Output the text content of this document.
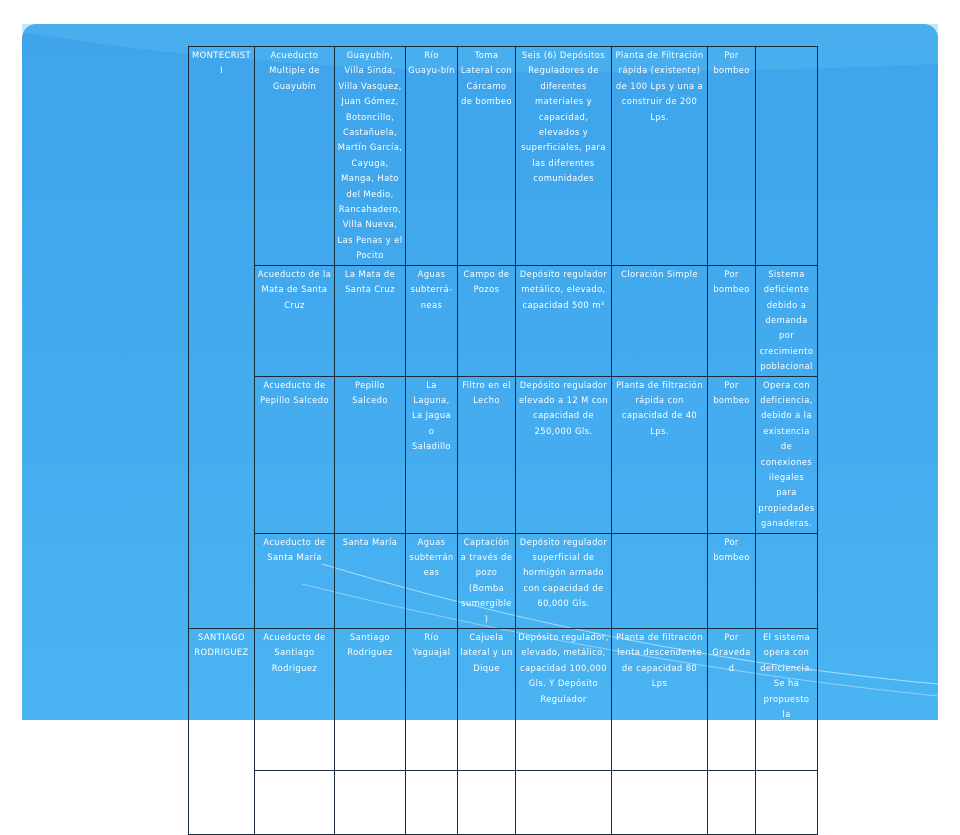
MONTECRISTI	Acueducto Multiple de Guayubín	Guayubín, Villa Sinda, Villa Vasquez, Juan Gómez, Botoncillo, Castañuela, Martín García, Cayuga, Manga, Hato del Medio, Rancahadero, Villa Nueva, Las Penas y el Pocito	Río Guayu-bín	Toma Lateral con Cárcamo de bombeo	Seis (6) Depósitos Reguladores de diferentes materiales y capacidad, elevados y superficiales, para las diferentes comunidades	Planta de Filtración rápida (existente) de 100 Lps y una a construir de 200 Lps.	Por bombeo	
	Acueducto de la Mata de Santa Cruz	La Mata de Santa Cruz	Aguas subterrá-neas	Campo de Pozos	Depósito regulador metálico, elevado, capacidad 500 m³	Cloración Simple	Por bombeo	Sistema deficiente debido a demanda por crecimiento poblacional
	Acueducto de Pepillo Salcedo	Pepillo Salcedo	La Laguna, La Jagua o Saladillo	Filtro en el Lecho	Depósito regulador elevado a 12 M con capacidad de 250,000 Gls.	Planta de filtración rápida con capacidad de 40 Lps.	Por bombeo	Opera con deficiencia, debido a la existencia de conexiones ilegales para propiedades ganaderas.
	Acueducto de Santa María	Santa María	Aguas subterrán eas	Captación a través de pozo (Bomba sumergible)	Depósito regulador superficial de hormigón armado con capacidad de 60,000 Gls.		Por bombeo	
SANTIAGO RODRIGUEZ	Acueducto de Santiago Rodriguez	Santiago Rodriguez	Río Yaguajal	Cajuela lateral y un Dique	Depósito regulador, elevado, metálico, capacidad 100,000 Gls. Y Depósito Regulador	Planta de filtración lenta descendente de capacidad 80 Lps	Por Gravedad	El sistema opera con deficiencia. Se ha propuesto la rehabilitación y ampliación
	Acueducto Múltiple de Arroyo Blanco-El Guanal	Arroyo Blanco-El Guanal	Río Guayubín	Toma Leteral	Depósito regulador superficial, capacidad 150 M³.	Planta de filtración lenta, capacidad 8.8 Lps	Por bombeo	
